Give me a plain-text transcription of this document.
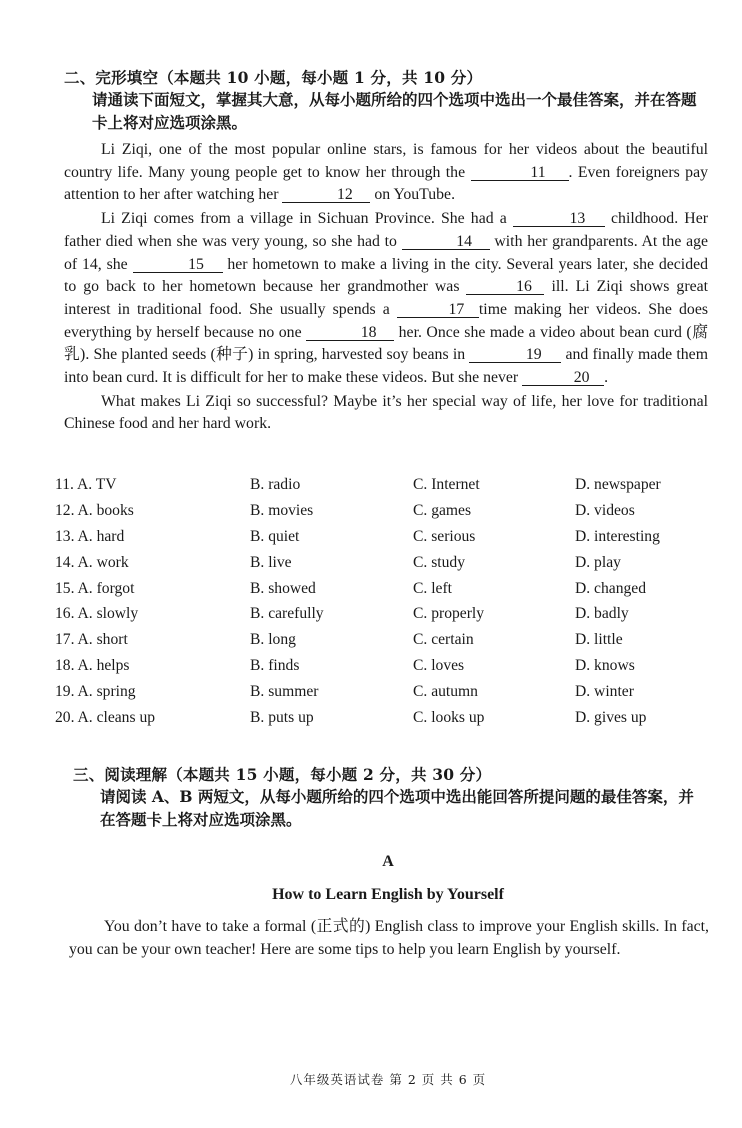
二、完形填空（本题共 10 小题，每小题 1 分，共 10 分）
请通读下面短文，掌握其大意，从每小题所给的四个选项中选出一个最佳答案，并在答题卡上将对应选项涂黑。

Li Ziqi, one of the most popular online stars, is famous for her videos about the beautiful country life. Many young people get to know her through the	11 . Even foreigners pay attention to her after watching her	12 on YouTube.

Li Ziqi comes from a village in Sichuan Province. She had a	13 childhood. Her father died when she was very young, so she had to	14 with her grandparents. At the age of 14, she	15 her hometown to make a living in the city. Several years later, she decided to go back to her hometown because her grandmother was	16 ill. Li Ziqi shows great interest in traditional food. She usually spends a	17 time making her videos. She does everything by herself because no one	18 her. Once she made a video about bean curd (腐乳). She planted seeds (种子) in spring, harvested soy beans in	19 and finally made them into bean curd. It is difficult for her to make these videos. But she never	20 .

What makes Li Ziqi so successful? Maybe it’s her special way of life, her love for traditional Chinese food and her hard work.

11. A. TV	B. radio	C. Internet	D. newspaper
12. A. books	B. movies	C. games	D. videos
13. A. hard	B. quiet	C. serious	D. interesting
14. A. work	B. live	C. study	D. play
15. A. forgot	B. showed	C. left	D. changed
16. A. slowly	B. carefully	C. properly	D. badly
17. A. short	B. long	C. certain	D. little
18. A. helps	B. finds	C. loves	D. knows
19. A. spring	B. summer	C. autumn	D. winter
20. A. cleans up	B. puts up	C. looks up	D. gives up
三、阅读理解（本题共 15 小题，每小题 2 分，共 30 分）
请阅读 A、B 两短文，从每小题所给的四个选项中选出能回答所提问题的最佳答案，并在答题卡上将对应选项涂黑。
A
How to Learn English by Yourself

You don’t have to take a formal (正式的) English class to improve your English skills. In fact, you can be your own teacher! Here are some tips to help you learn English by yourself.

八年级英语试卷 第 2 页 共 6 页
